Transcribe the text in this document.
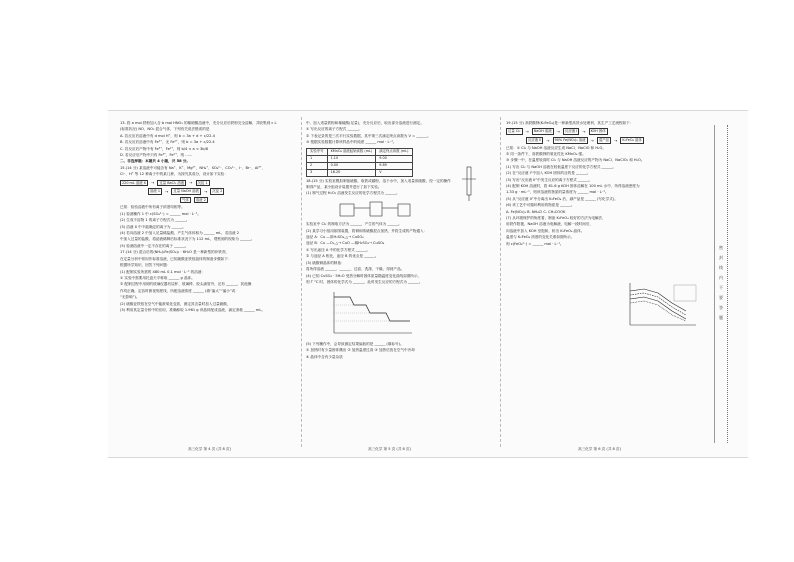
13. 将 a mol 铁粉加入含 b mol HNO₃ 的稀硝酸溶液中，充分反应后铁粉完全溶解，共收集到 c L

(标准状况) NO、NO₂ 混合气体，下列有关说法错误的是

A. 若反应后溶液中有 d mol H⁺，则 b = 3a + d + c/22.4

B. 若反应后溶液中有 Fe³⁺、无 Fe²⁺，则 b = 3a + c/22.4

C. 若反应后产物中有 Fe³⁺，Fe²⁺，则 b/4 < a < 3b/8

D. 若反应后产物中只有 Fe³⁺，Fe²⁺，则 ……

二、非选择题：本题共 4 小题，共 58 分。

15.(14 分) 某溶液中可能含有 Na⁺、K⁺、Mg²⁺、NH₄⁺、SO₄²⁻、CO₃²⁻、I⁻、Br⁻、Al³⁺、

Cl⁻、H⁺ 等 12 种离子中的某几种，为探究其成分，设计如下实验：

220 mL 溶液 X	→	过量 BaCl₂ 溶液	→	沉淀 1
溶液 1	→	过量 NaOH 溶液	→	沉淀 2
气体	溶液 2

已知：检验溶液中所有离子浓度均相等。

(1) 检测操作 1 中 c(SO₄²⁻) = ______ mol · L⁻¹。

(2) 生成不溶物 1 的离子方程式为 ______。

(3) 溶液 X 中不能确定的离子为 ______。

(4) 若向溶液 2 中加入足量稀盐酸，产生气体体积为 ______ mL，若溶液 2

中加入过量的盐酸，将滤液稀释后标准状况下为 112 mL，观察到的现象为 ______。

(5) 检测溶液中一定不存在的离子 ______。

17.(14 分) 混合后的(NH₄)₂Fe(SO₄)₂ · 6H₂O 是一种新型的补铁剂，

在定量分析中常用作标准溶液，已知硫酸亚铁铵晶体的制备步骤如下：

根据所学知识，回答下列问题：

(1) 配制实验所需的 480 mL 0.1 mol · L⁻¹ 的溶液：

① 实验中需要用托盘天平称取 ______ g 晶体。

② 配制过程中用到的玻璃仪器有烧杯、玻璃棒、胶头滴管外，还有 ______，其他操

作均正确，定容时俯视刻度线，所配溶液浓度 ______ (填“偏大”“偏小”或

“无影响”)。

(2) 硫酸亚铁铵在空气中能被氧化变质，测定其含量时加入过量硫酸，

(3) 利用其定量分析中的应用，准确称取 1.961 g 该晶体配成溶液，滴定消耗 ______ mL。

中，加入适量铁粉和稀硫酸(足量)，充分反应后，取出部分溶液进行测定。

① 写出反应的离子方程式 ______。

② 下表记录的是三次平行实验数据，其中第三次滴定终点读数为 V = ______。

③ 根据实验数据计算该样品中的纯度 ______ mol · L⁻¹。

实验序号	KMnO₄ 溶液起始读数 (mL)	滴定终点读数 (mL)
1	1.10	9.00
2	0.00	9.89
3	16.20	V

18.(15 分) 实验室模拟制备硫酸，取铁或碳粉，溶于水中，加入适量浓硫酸，经一定的操作

制得产品，某小组设计装置并进行了如下实验。

(1) 制气过程 H₂O₂ 溶液发生反应的化学方程式为 ______。

实验室中 Cl₂ 的制取方法为 ______，产生的气体为 ______。

(2) 某学习小组用如图装置，将铜和浓硫酸混合加热，并将生成的产物通入：

途径 A：Cu —浓H₂SO₄,△→ CuSO₄

途径 B：Cu —O₂,△→ CuO —稀H₂SO₄→ CuSO₄

① 写出途径 A 中的化学方程式 ______。

② 与途径 A 相比，途径 B 的优点是 ______。

(3) 硫酸铜晶体的制备：

将所得溶液 ______、______、过滤、洗涤、干燥，得到产品。

(4) 已知 CuSO₄ · 5H₂O 受热分解时固体质量随温度变化曲线如图所示，

则 T °C 时，固体的化学式为 ______，此时发生反应的方程式为 ______。

(5) 下列操作中，会导致测定结果偏低的是 ______ (填标号)。

① 加热时有少量固体溅出 ② 加热温度过高 ③ 加热后放在空气中冷却

④ 晶体中含有少量杂质

19.(15 分) 高铁酸钾(K₂FeO₄)是一种新型高效水处理剂，其生产工艺流程如下：

过量 Cl₂	→	NaOH 溶液	→	反应液 I	→	KOH 固体
反应液 II	→	90% Fe(NO₃)₃ 溶液	→	湿产品	→	K₂FeO₄ 晶体

已知：① Cl₂ 与 NaOH 溶液反应生成 NaCl、NaClO 和 H₂O。

② 同一条件下，高铁酸钾的氧化性比 KMnO₄ 强。

③ 步骤一中，在温度较高时 Cl₂ 与 NaOH 溶液反应的产物为 NaCl、NaClO₃ 和 H₂O。

(1) 写出 Cl₂ 与 NaOH 溶液在较低温度下反应的化学方程式 ______。

(2) 在“反应液 I”中加入 KOH 固体的目的是 ______。

(3) 写出“反应液 II”中发生反应的离子方程式 ______。

(4) 配制 KOH 溶液时，将 61.6 g KOH 固体溶解在 100 mL 水中，所得溶液密度为

1.33 g · mL⁻¹，则该溶液的物质的量浓度为 ______ mol · L⁻¹。

(5) 从“反应液 II”中分离出 K₂FeO₄ 后，副产品是 ______ (写化学式)。

(6) 该工艺中可循环利用的物质是 ______。

A. Fe(NO₃)₃ B. NH₄Cl C. CH₃COOK

(7) 从环境保护的角度看，制备 K₂FeO₄ 较好的方法为电解法，

用铁作阳极，NaOH 溶液为电解液，电解一段时间后，

向溶液中加入 KOH 至饱和，析出 K₂FeO₄ 晶体。

温度与 K₂FeO₄ 浓度的变化关系如图所示，

则 c(FeO₄²⁻) = ______ mol · L⁻¹。

密 封 线 内 不 要 答 题
高三化学 第 4 页 (共 8 页)	高三化学 第 5 页 (共 8 页)	高三化学 第 6 页 (共 8 页)
